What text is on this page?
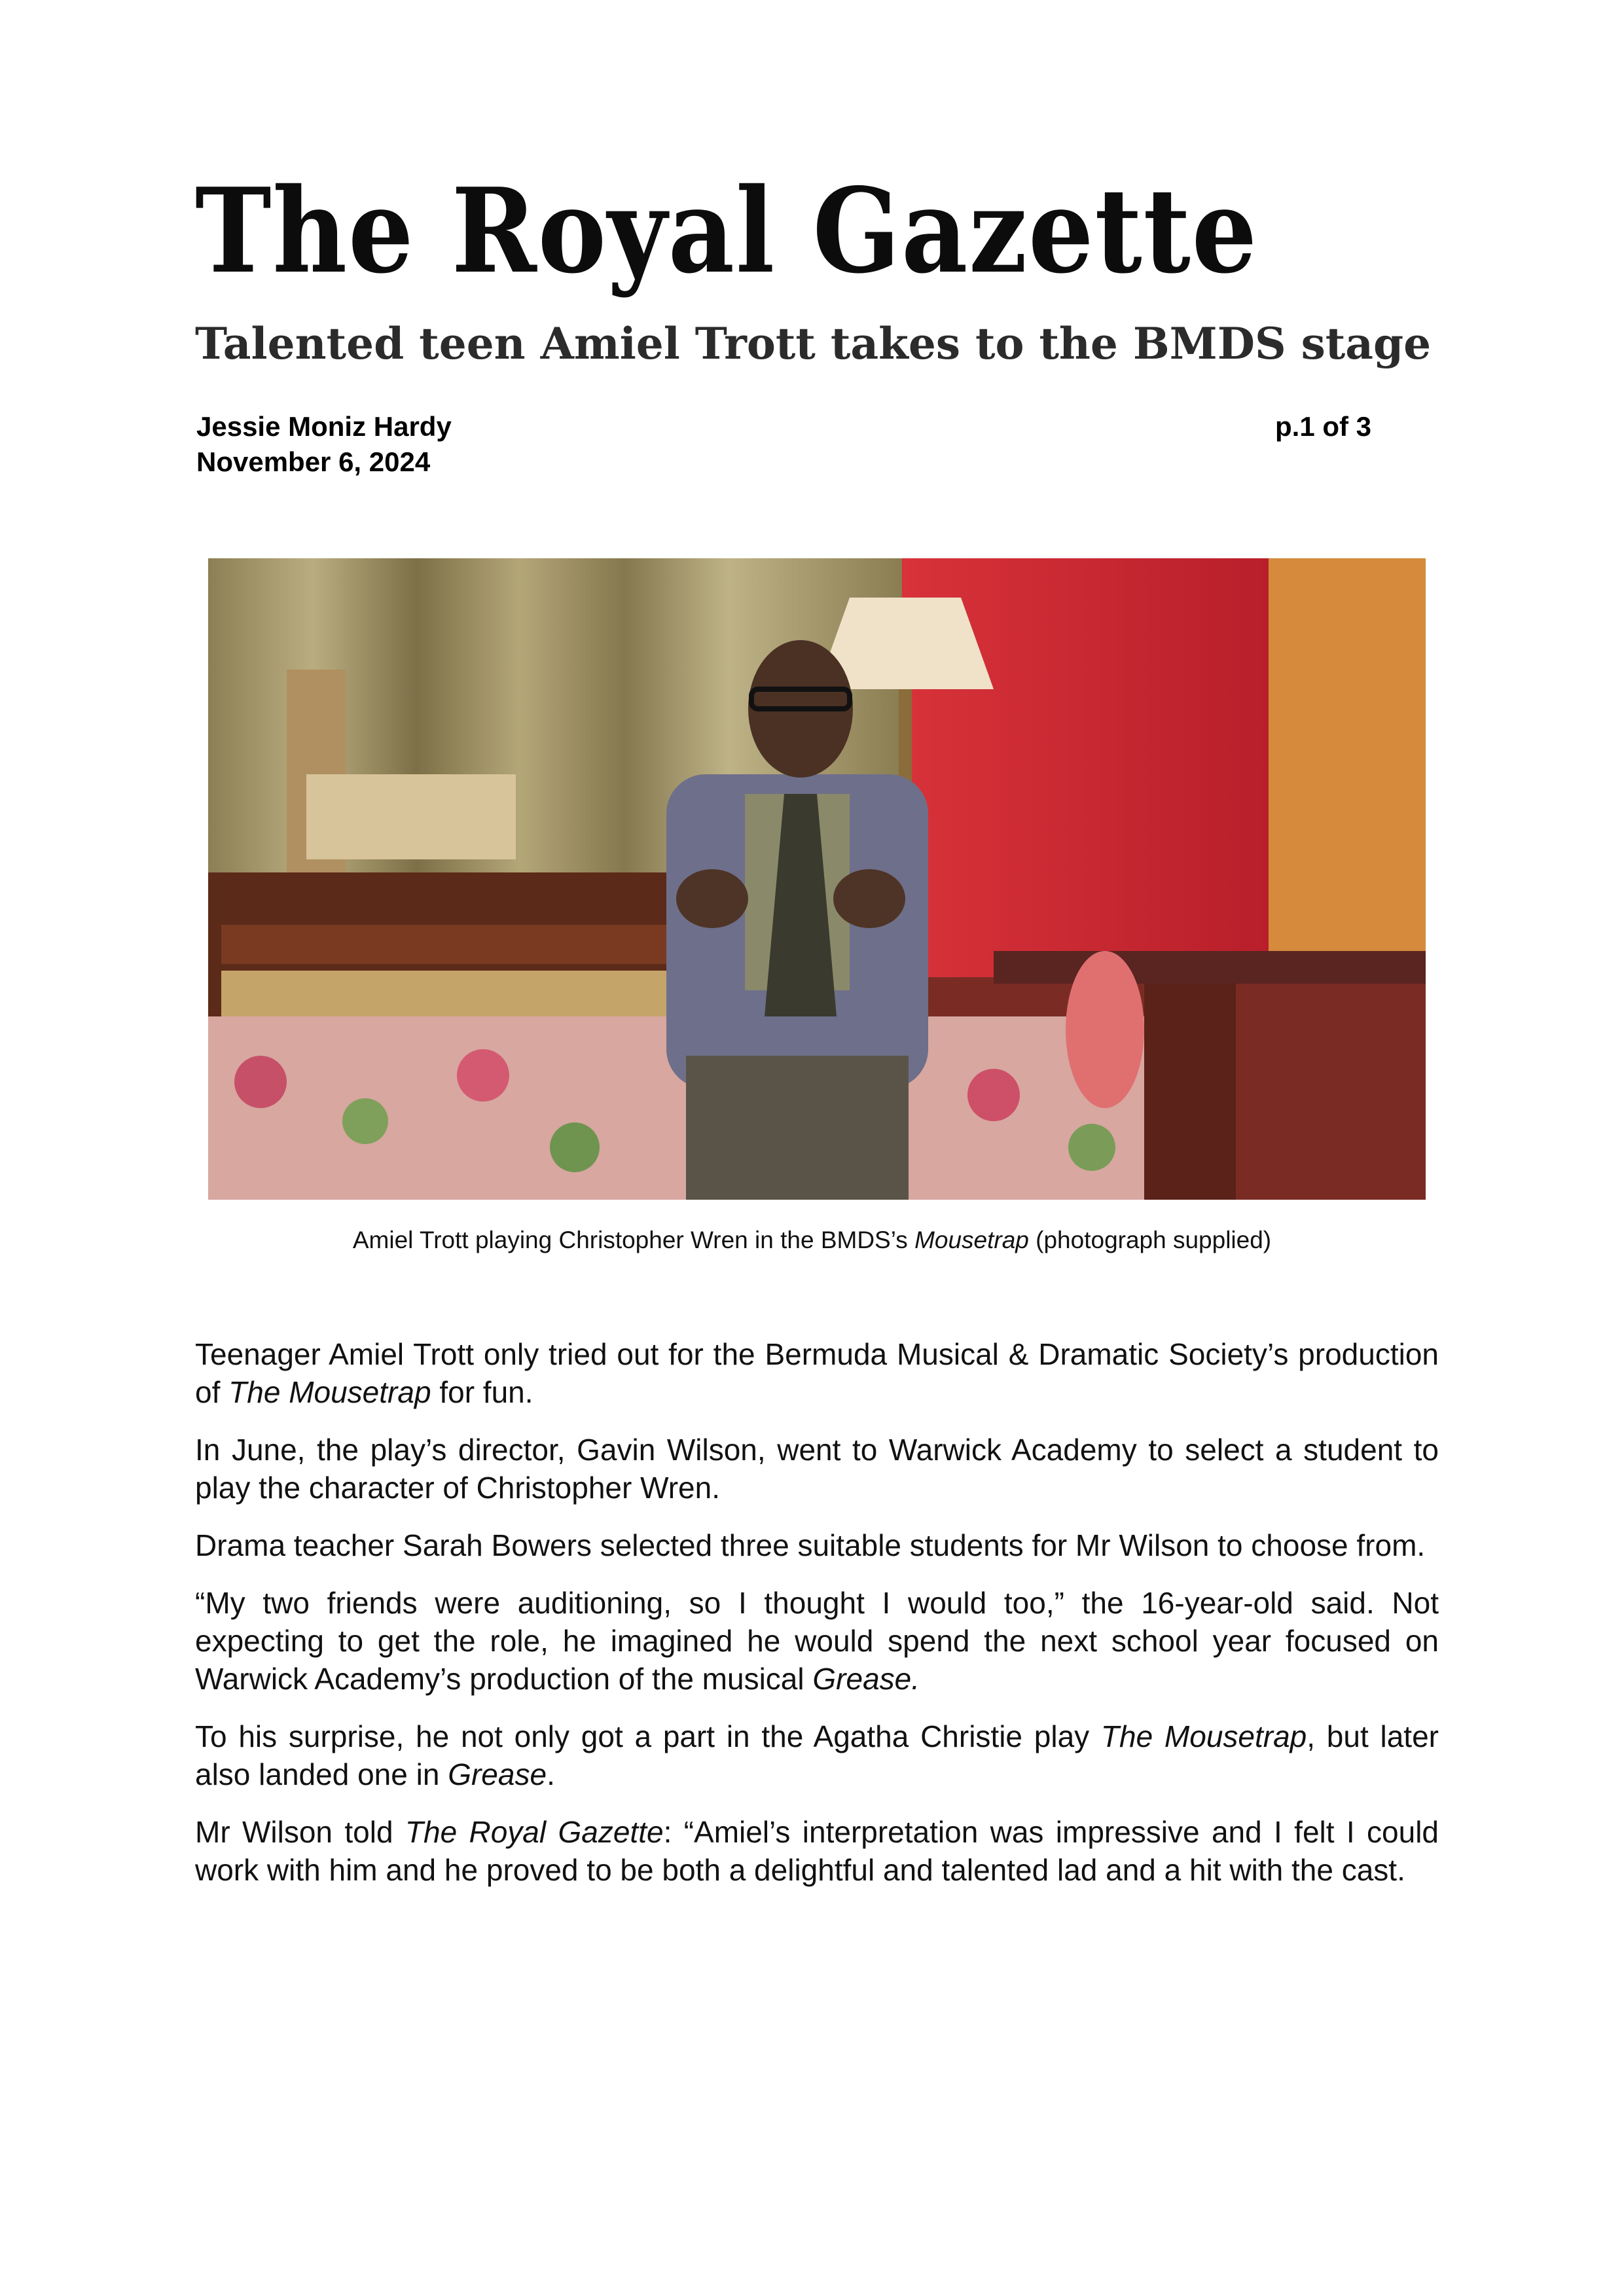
The Royal Gazette
Talented teen Amiel Trott takes to the BMDS stage
Jessie Moniz Hardy
November 6, 2024
p.1 of 3
Amiel Trott playing Christopher Wren in the BMDS’s Mousetrap (photograph supplied)

Teenager Amiel Trott only tried out for the Bermuda Musical & Dramatic Society’s production of The Mousetrap for fun.

In June, the play’s director, Gavin Wilson, went to Warwick Academy to select a student to play the character of Christopher Wren.

Drama teacher Sarah Bowers selected three suitable students for Mr Wilson to choose from.

“My two friends were auditioning, so I thought I would too,” the 16-year-old said. Not expecting to get the role, he imagined he would spend the next school year focused on Warwick Academy’s production of the musical Grease.

To his surprise, he not only got a part in the Agatha Christie play The Mousetrap, but later also landed one in Grease.

Mr Wilson told The Royal Gazette: “Amiel’s interpretation was impressive and I felt I could work with him and he proved to be both a delightful and talented lad and a hit with the cast.
